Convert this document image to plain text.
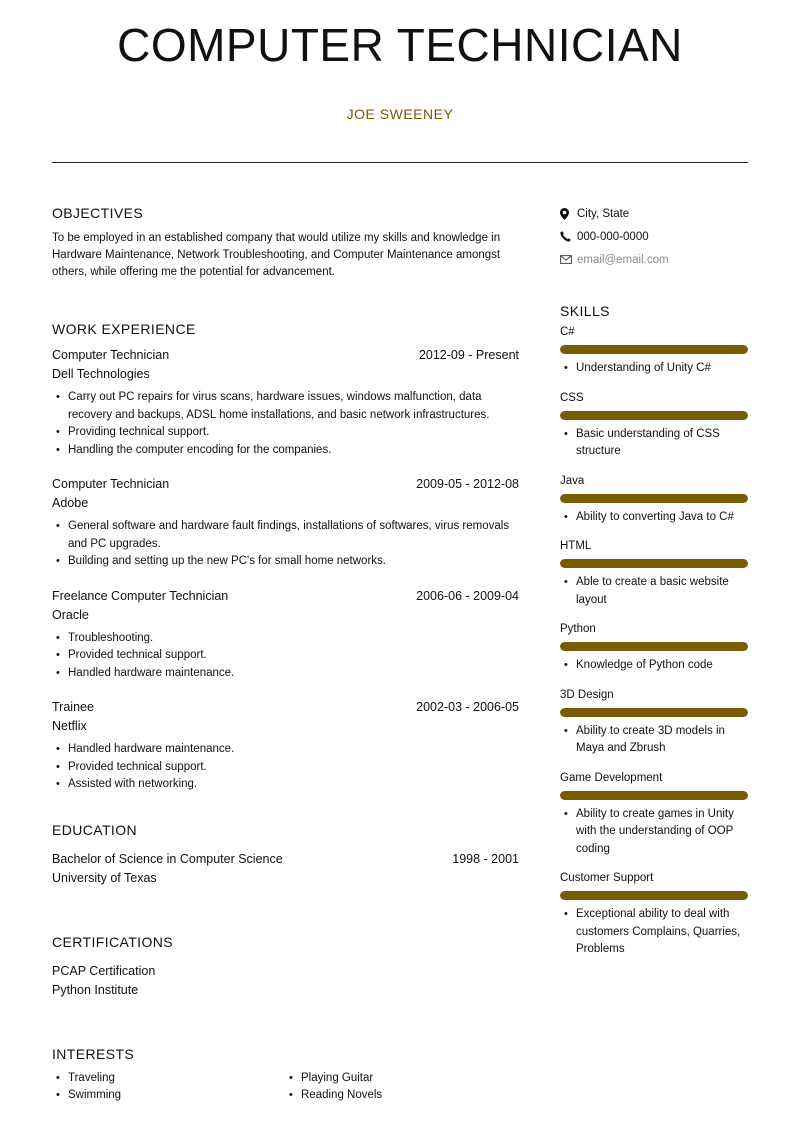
COMPUTER TECHNICIAN
JOE SWEENEY
OBJECTIVES

To be employed in an established company that would utilize my skills and knowledge in Hardware Maintenance, Network Troubleshooting, and Computer Maintenance amongst others, while offering me the potential for advancement.

WORK EXPERIENCE
Computer Technician	2012-09 - Present
Dell Technologies
• Carry out PC repairs for virus scans, hardware issues, windows malfunction, data recovery and backups, ADSL home installations, and basic network infrastructures.
• Providing technical support.
• Handling the computer encoding for the companies.
Computer Technician	2009-05 - 2012-08
Adobe
• General software and hardware fault findings, installations of softwares, virus removals and PC upgrades.
• Building and setting up the new PC's for small home networks.
Freelance Computer Technician	2006-06 - 2009-04
Oracle
• Troubleshooting.
• Provided technical support.
• Handled hardware maintenance.
Trainee	2002-03 - 2006-05
Netflix
• Handled hardware maintenance.
• Provided technical support.
• Assisted with networking.
EDUCATION
Bachelor of Science in Computer Science	1998 - 2001
University of Texas
CERTIFICATIONS
PCAP Certification
Python Institute
INTERESTS
• Traveling
• Swimming
• Playing Guitar
• Reading Novels
City, State
000-000-0000
email@email.com
SKILLS
C#
• Understanding of Unity C#
CSS
• Basic understanding of CSS structure
Java
• Ability to converting Java to C#
HTML
• Able to create a basic website layout
Python
• Knowledge of Python code
3D Design
• Ability to create 3D models in Maya and Zbrush
Game Development
• Ability to create games in Unity with the understanding of OOP coding
Customer Support
• Exceptional ability to deal with customers Complains, Quarries, Problems
